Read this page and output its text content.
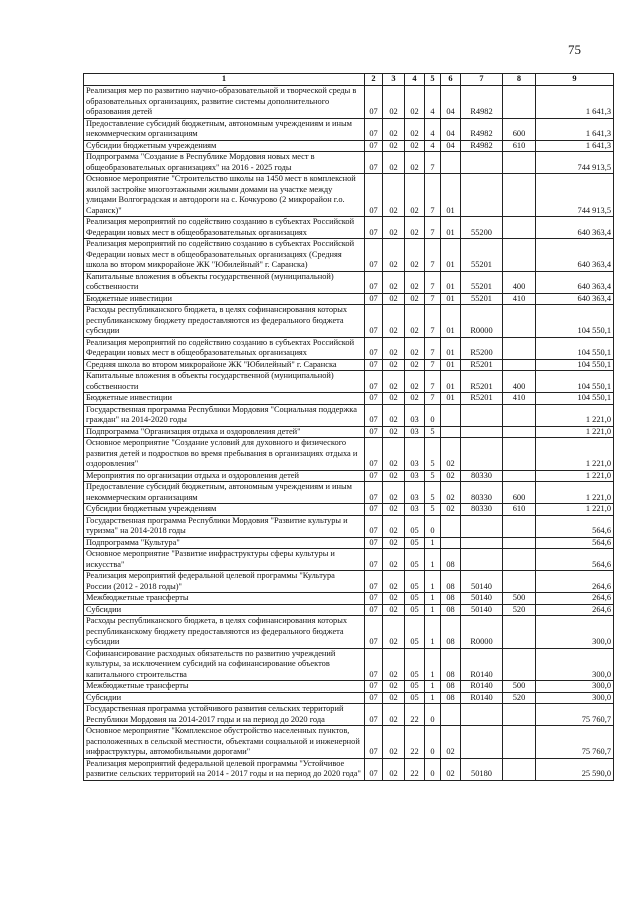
75
1	2	3	4	5	6	7	8	9
Реализация мер по развитию научно-образовательной и творческой среды в образовательных организациях, развитие системы дополнительного образования детей	07	02	02	4	04	R4982		1 641,3
Предоставление субсидий бюджетным, автономным учреждениям и иным некоммерческим организациям	07	02	02	4	04	R4982	600	1 641,3
Субсидии бюджетным учреждениям	07	02	02	4	04	R4982	610	1 641,3
Подпрограмма "Создание в Республике Мордовия новых мест в общеобразовательных организациях" на 2016 - 2025 годы	07	02	02	7				744 913,5
Основное мероприятие "Строительство школы на 1450 мест в комплексной жилой застройке многоэтажными жилыми домами на участке между улицами Волгоградская и автодороги на с. Кочкурово (2 микрорайон г.о. Саранск)"	07	02	02	7	01			744 913,5
Реализация мероприятий по содействию созданию в субъектах Российской Федерации новых мест в общеобразовательных организациях	07	02	02	7	01	55200		640 363,4
Реализация мероприятий по содействию созданию в субъектах Российской Федерации новых мест в общеобразовательных организациях (Средняя школа во втором микрорайоне ЖК "Юбилейный" г. Саранска)	07	02	02	7	01	55201		640 363,4
Капитальные вложения в объекты государственной (муниципальной) собственности	07	02	02	7	01	55201	400	640 363,4
Бюджетные инвестиции	07	02	02	7	01	55201	410	640 363,4
Расходы республиканского бюджета, в целях софинансирования которых республиканскому бюджету предоставляются из федерального бюджета субсидии	07	02	02	7	01	R0000		104 550,1
Реализация мероприятий по содействию созданию в субъектах Российской Федерации новых мест в общеобразовательных организациях	07	02	02	7	01	R5200		104 550,1
Средняя школа во втором микрорайоне ЖК "Юбилейный" г. Саранска	07	02	02	7	01	R5201		104 550,1
Капитальные вложения в объекты государственной (муниципальной) собственности	07	02	02	7	01	R5201	400	104 550,1
Бюджетные инвестиции	07	02	02	7	01	R5201	410	104 550,1
Государственная программа Республики Мордовия "Социальная поддержка граждан" на 2014-2020 годы	07	02	03	0				1 221,0
Подпрограмма "Организация отдыха и оздоровления детей"	07	02	03	5				1 221,0
Основное мероприятие "Создание условий для духовного и физического развития детей и подростков во время пребывания в организациях отдыха и оздоровления"	07	02	03	5	02			1 221,0
Мероприятия по организации отдыха и оздоровления детей	07	02	03	5	02	80330		1 221,0
Предоставление субсидий бюджетным, автономным учреждениям и иным некоммерческим организациям	07	02	03	5	02	80330	600	1 221,0
Субсидии бюджетным учреждениям	07	02	03	5	02	80330	610	1 221,0
Государственная программа Республики Мордовия "Развитие культуры и туризма" на 2014-2018 годы	07	02	05	0				564,6
Подпрограмма "Культура"	07	02	05	1				564,6
Основное мероприятие "Развитие инфраструктуры сферы культуры и искусства"	07	02	05	1	08			564,6
Реализация мероприятий федеральной целевой программы "Культура России (2012 - 2018 годы)"	07	02	05	1	08	50140		264,6
Межбюджетные трансферты	07	02	05	1	08	50140	500	264,6
Субсидии	07	02	05	1	08	50140	520	264,6
Расходы республиканского бюджета, в целях софинансирования которых республиканскому бюджету предоставляются из федерального бюджета субсидии	07	02	05	1	08	R0000		300,0
Софинансирование расходных обязательств по развитию учреждений культуры, за исключением субсидий на софинансирование объектов капитального строительства	07	02	05	1	08	R0140		300,0
Межбюджетные трансферты	07	02	05	1	08	R0140	500	300,0
Субсидии	07	02	05	1	08	R0140	520	300,0
Государственная программа устойчивого развития сельских территорий Республики Мордовия на 2014-2017 годы и на период до 2020 года	07	02	22	0				75 760,7
Основное мероприятие "Комплексное обустройство населенных пунктов, расположенных в сельской местности, объектами социальной и инженерной инфраструктуры, автомобильными дорогами"	07	02	22	0	02			75 760,7
Реализация мероприятий федеральной целевой программы "Устойчивое развитие сельских территорий на 2014 - 2017 годы и на период до 2020 года"	07	02	22	0	02	50180		25 590,0
